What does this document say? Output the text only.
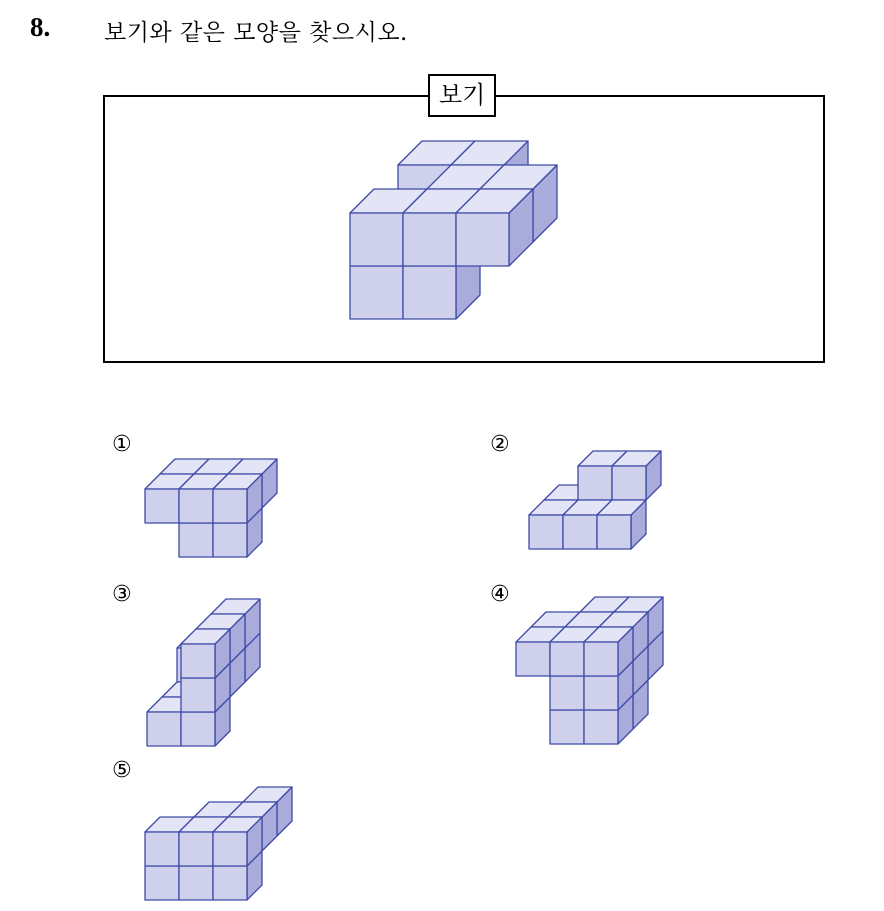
8. 보기와 같은 모양을 찾으시오.
보기
①	②
③	④
⑤
